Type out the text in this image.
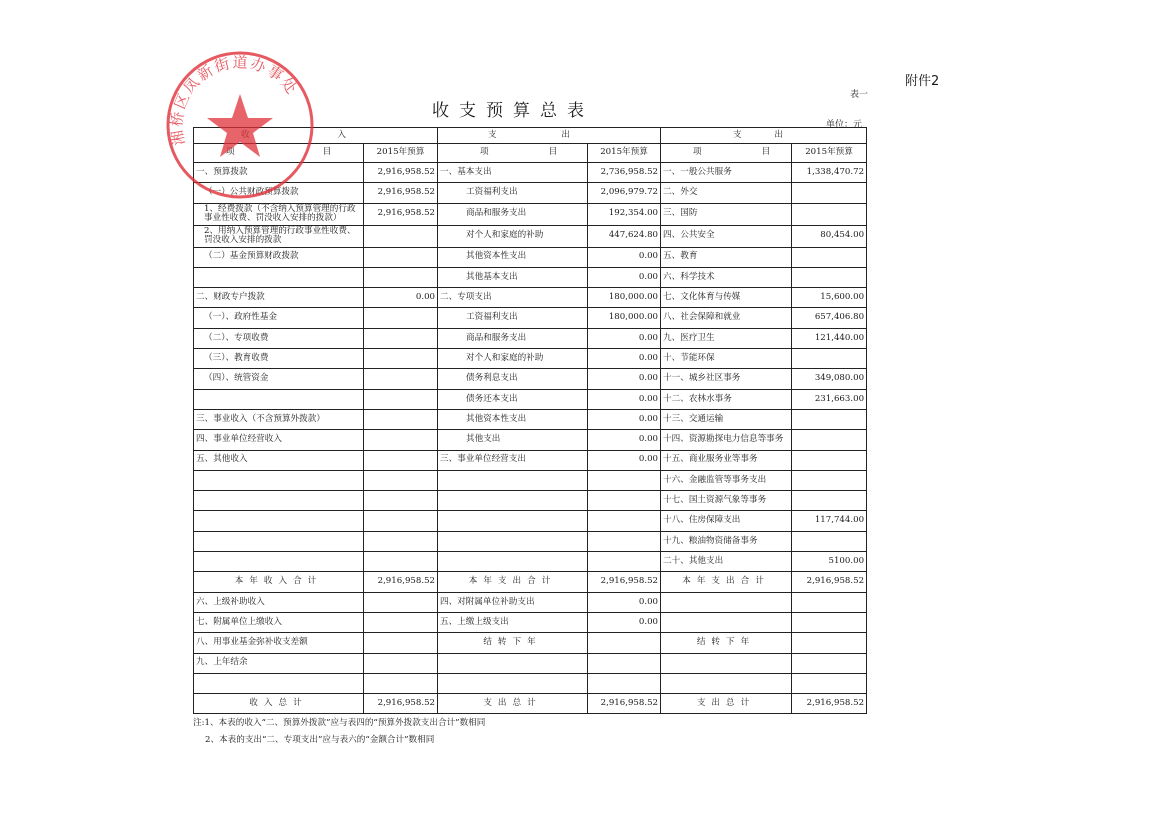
附件2
收支预算总表
表一
单位：元
入		支 出		支 出	
项 目	2015年预算	项 目	2015年预算	项 目	2015年预算
一、预算拨款	2,916,958.52	一、基本支出	2,736,958.52	一、一般公共服务	1,338,470.72
（一）公共财政预算拨款	2,916,958.52	工资福利支出	2,096,979.72	二、外交	
1、经费拨款（不含纳入预算管理的行政事业性收费、罚没收入安排的拨款）	2,916,958.52	商品和服务支出	192,354.00	三、国防	
2、用纳入预算管理的行政事业性收费、罚没收入安排的拨款		对个人和家庭的补助	447,624.80	四、公共安全	80,454.00
（二）基金预算财政拨款		其他资本性支出	0.00	五、教育	
		其他基本支出	0.00	六、科学技术	
二、财政专户拨款	0.00	二、专项支出	180,000.00	七、文化体育与传媒	15,600.00
（一）、政府性基金		工资福利支出	180,000.00	八、社会保障和就业	657,406.80
（二）、专项收费		商品和服务支出	0.00	九、医疗卫生	121,440.00
（三）、教育收费		对个人和家庭的补助	0.00	十、节能环保	
（四）、统管资金		债务利息支出	0.00	十一、城乡社区事务	349,080.00
		债务还本支出	0.00	十二、农林水事务	231,663.00
三、事业收入（不含预算外拨款）		其他资本性支出	0.00	十三、交通运输	
四、事业单位经营收入		其他支出	0.00	十四、资源勘探电力信息等事务	
五、其他收入		三、事业单位经营支出	0.00	十五、商业服务业等事务	
				十六、金融监管等事务支出	
				十七、国土资源气象等事务	
				十八、住房保障支出	117,744.00
				十九、粮油物资储备事务	
				二十、其他支出	5100.00
本年收入合计	2,916,958.52	本年支出合计	2,916,958.52	本年支出合计	2,916,958.52
六、上级补助收入		四、对附属单位补助支出	0.00		
七、附属单位上缴收入		五、上缴上级支出	0.00		
八、用事业基金弥补收支差额		结转下年		结转下年	
九、上年结余					

收入总计	2,916,958.52	支出总计	2,916,958.52	支出总计	2,916,958.52
注:1、本表的收入“二、预算外拨款”应与表四的“预算外拨款支出合计”数相同
2、本表的支出“二、专项支出”应与表六的“金额合计”数相同
湘桥区凤新街道办事处
